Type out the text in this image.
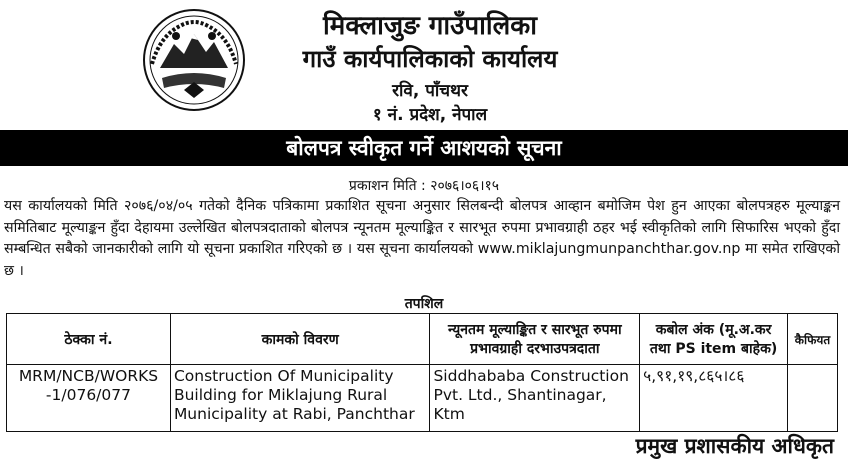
मिक्लाजुङ गाउँपालिका
गाउँ कार्यपालिकाको कार्यालय
रवि, पाँचथर
१ नं. प्रदेश, नेपाल
बोलपत्र स्वीकृत गर्ने आशयको सूचना
प्रकाशन मिति : २०७६।०६।१५
यस कार्यालयको मिति २०७६/०४/०५ गतेको दैनिक पत्रिकामा प्रकाशित सूचना अनुसार सिलबन्दी बोलपत्र आव्हान बमोजिम पेश हुन आएका बोलपत्रहरु मूल्याङ्कन समितिबाट मूल्याङ्कन हुँदा देहायमा उल्लेखित बोलपत्रदाताको बोलपत्र न्यूनतम मूल्याङ्कित र सारभूत रुपमा प्रभावग्राही ठहर भई स्वीकृतिको लागि सिफारिस भएको हुँदा सम्बन्धित सबैको जानकारीको लागि यो सूचना प्रकाशित गरिएको छ । यस सूचना कार्यालयको www.miklajungmunpanchthar.gov.np मा समेत राखिएको छ ।
तपशिल
ठेक्का नं.	कामको विवरण	न्यूनतम मूल्याङ्कित र सारभूत रुपमा प्रभावग्राही दरभाउपत्रदाता	कबोल अंक (मू.अ.कर तथा PS item बाहेक)	कैफियत
MRM/NCB/WORKS -1/076/077	Construction Of Municipality Building for Miklajung Rural Municipality at Rabi, Panchthar	Siddhababa Construction Pvt. Ltd., Shantinagar, Ktm	५,९१,१९,८६५।८६	
प्रमुख प्रशासकीय अधिकृत
